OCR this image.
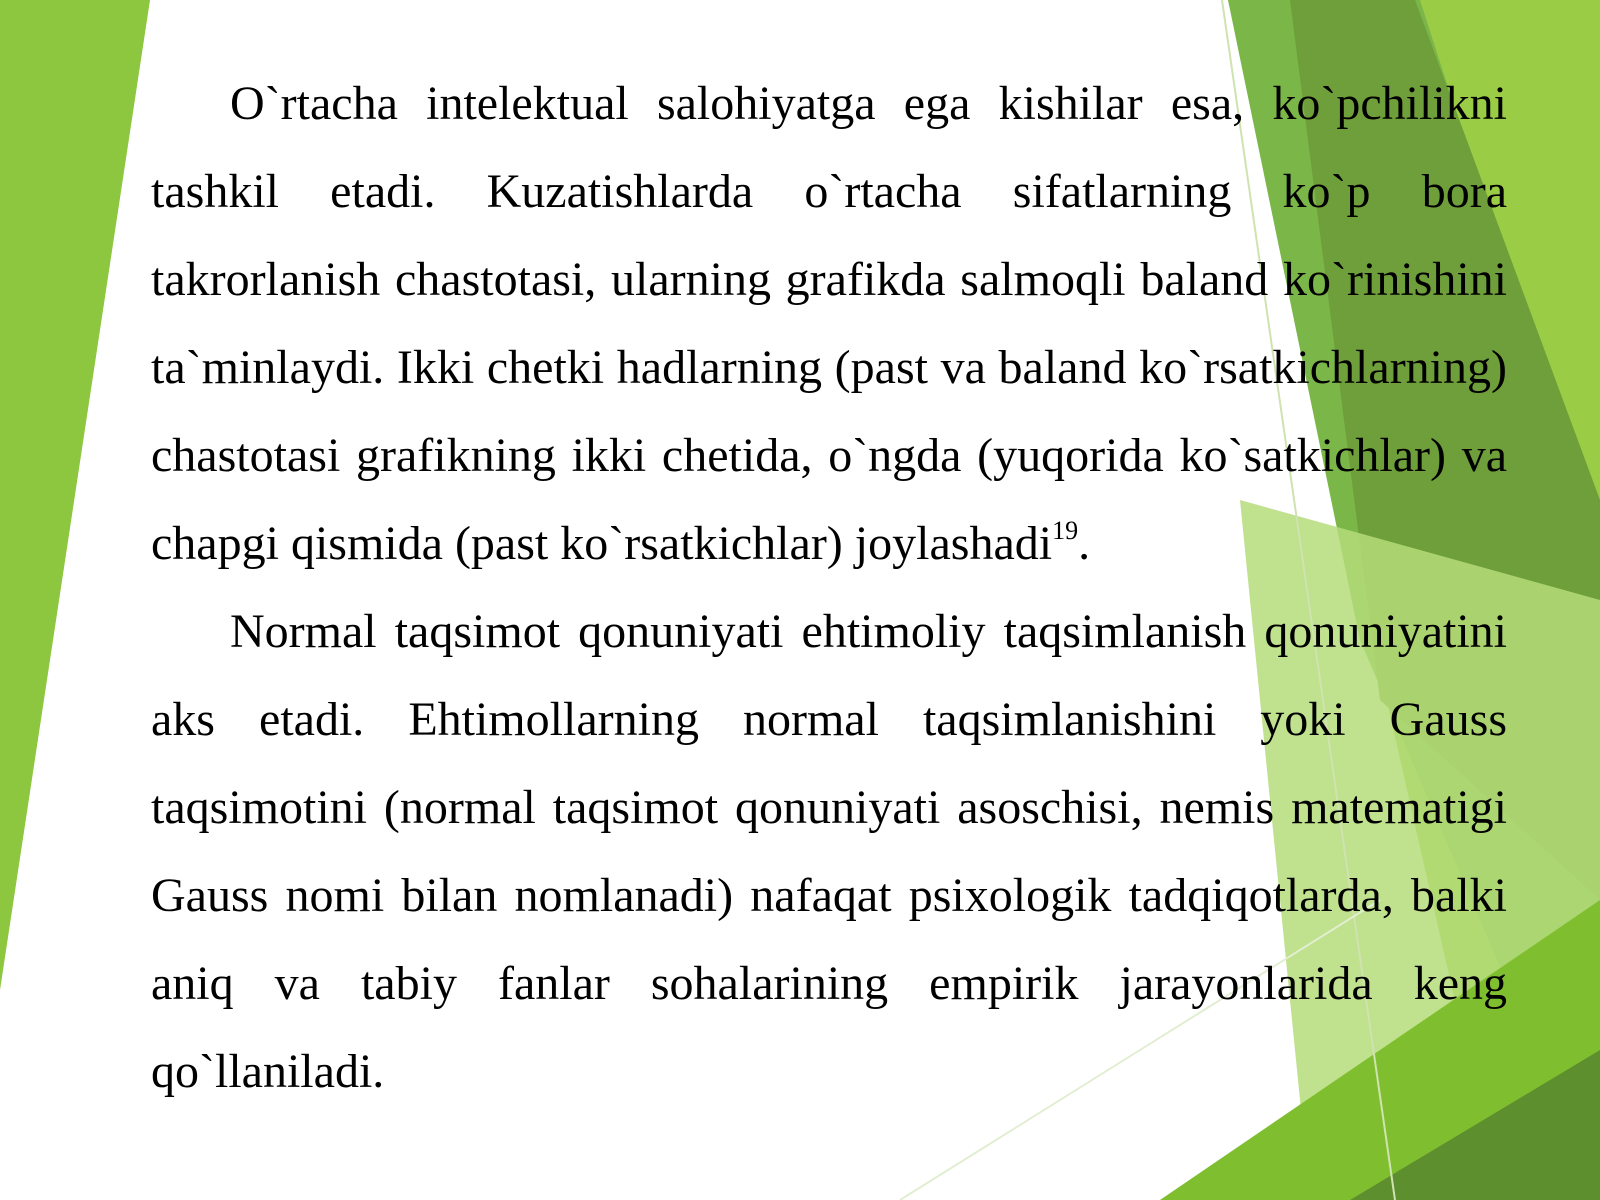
O`rtacha intelektual salohiyatga ega kishilar esa, ko`pchilikni tashkil etadi. Kuzatishlarda o`rtacha sifatlarning ko`p bora takrorlanish chastotasi, ularning grafikda salmoqli baland ko`rinishini ta`minlaydi. Ikki chetki hadlarning (past va baland ko`rsatkichlarning) chastotasi grafikning ikki chetida, o`ngda (yuqorida ko`satkichlar) va chapgi qismida (past ko`rsatkichlar) joylashadi$^{19}$.

Normal taqsimot qonuniyati ehtimoliy taqsimlanish qonuniyatini aks etadi. Ehtimollarning normal taqsimlanishini yoki Gauss taqsimotini (normal taqsimot qonuniyati asoschisi, nemis matematigi Gauss nomi bilan nomlanadi) nafaqat psixologik tadqiqotlarda, balki aniq va tabiy fanlar sohalarining empirik jarayonlarida keng qo`llaniladi.
